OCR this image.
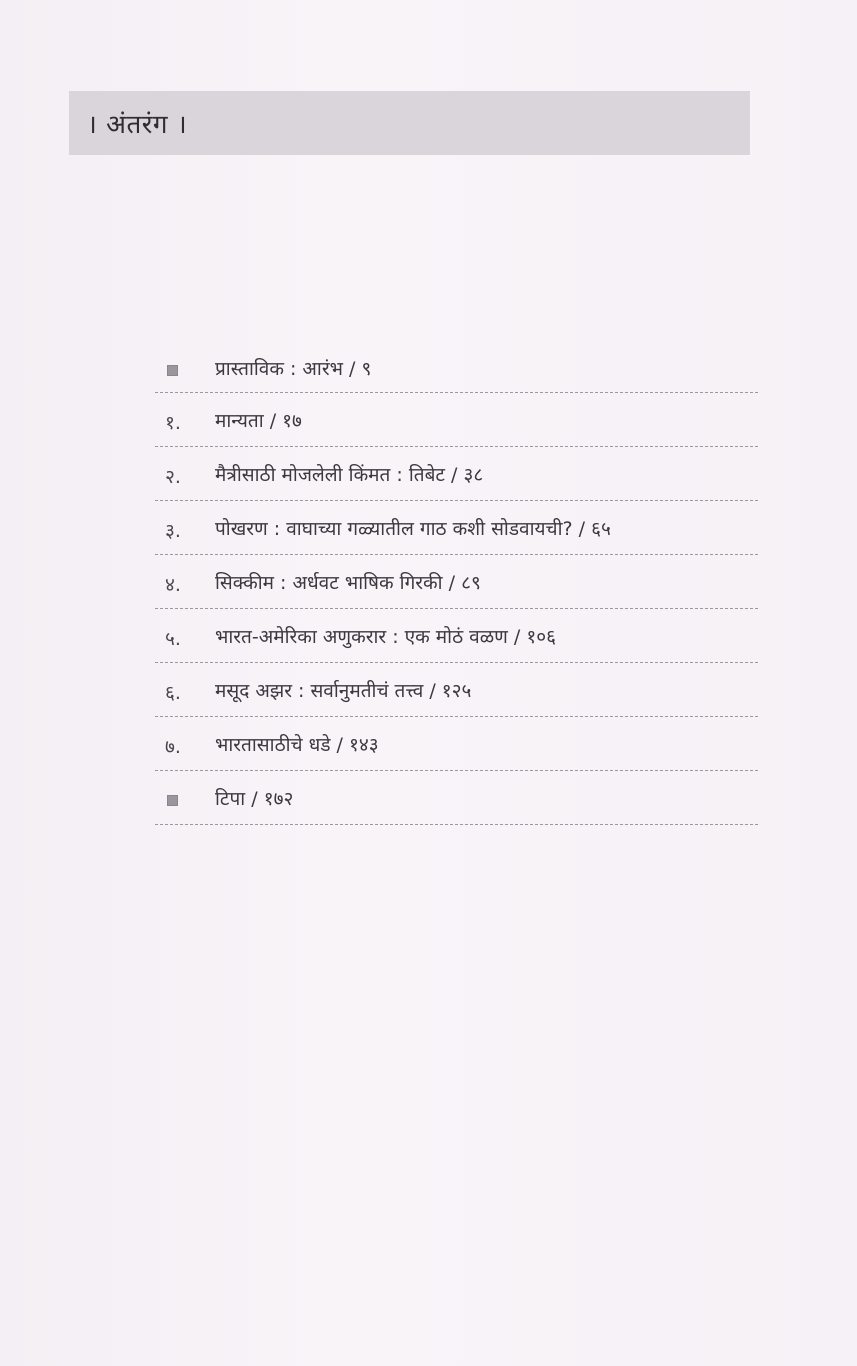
। अंतरंग ।
प्रास्ताविक : आरंभ / ९
१.	मान्यता / १७
२.	मैत्रीसाठी मोजलेली किंमत : तिबेट / ३८
३.	पोखरण : वाघाच्या गळ्यातील गाठ कशी सोडवायची? / ६५
४.	सिक्कीम : अर्धवट भाषिक गिरकी / ८९
५.	भारत-अमेरिका अणुकरार : एक मोठं वळण / १०६
६.	मसूद अझर : सर्वानुमतीचं तत्त्व / १२५
७.	भारतासाठीचे धडे / १४३
टिपा / १७२
